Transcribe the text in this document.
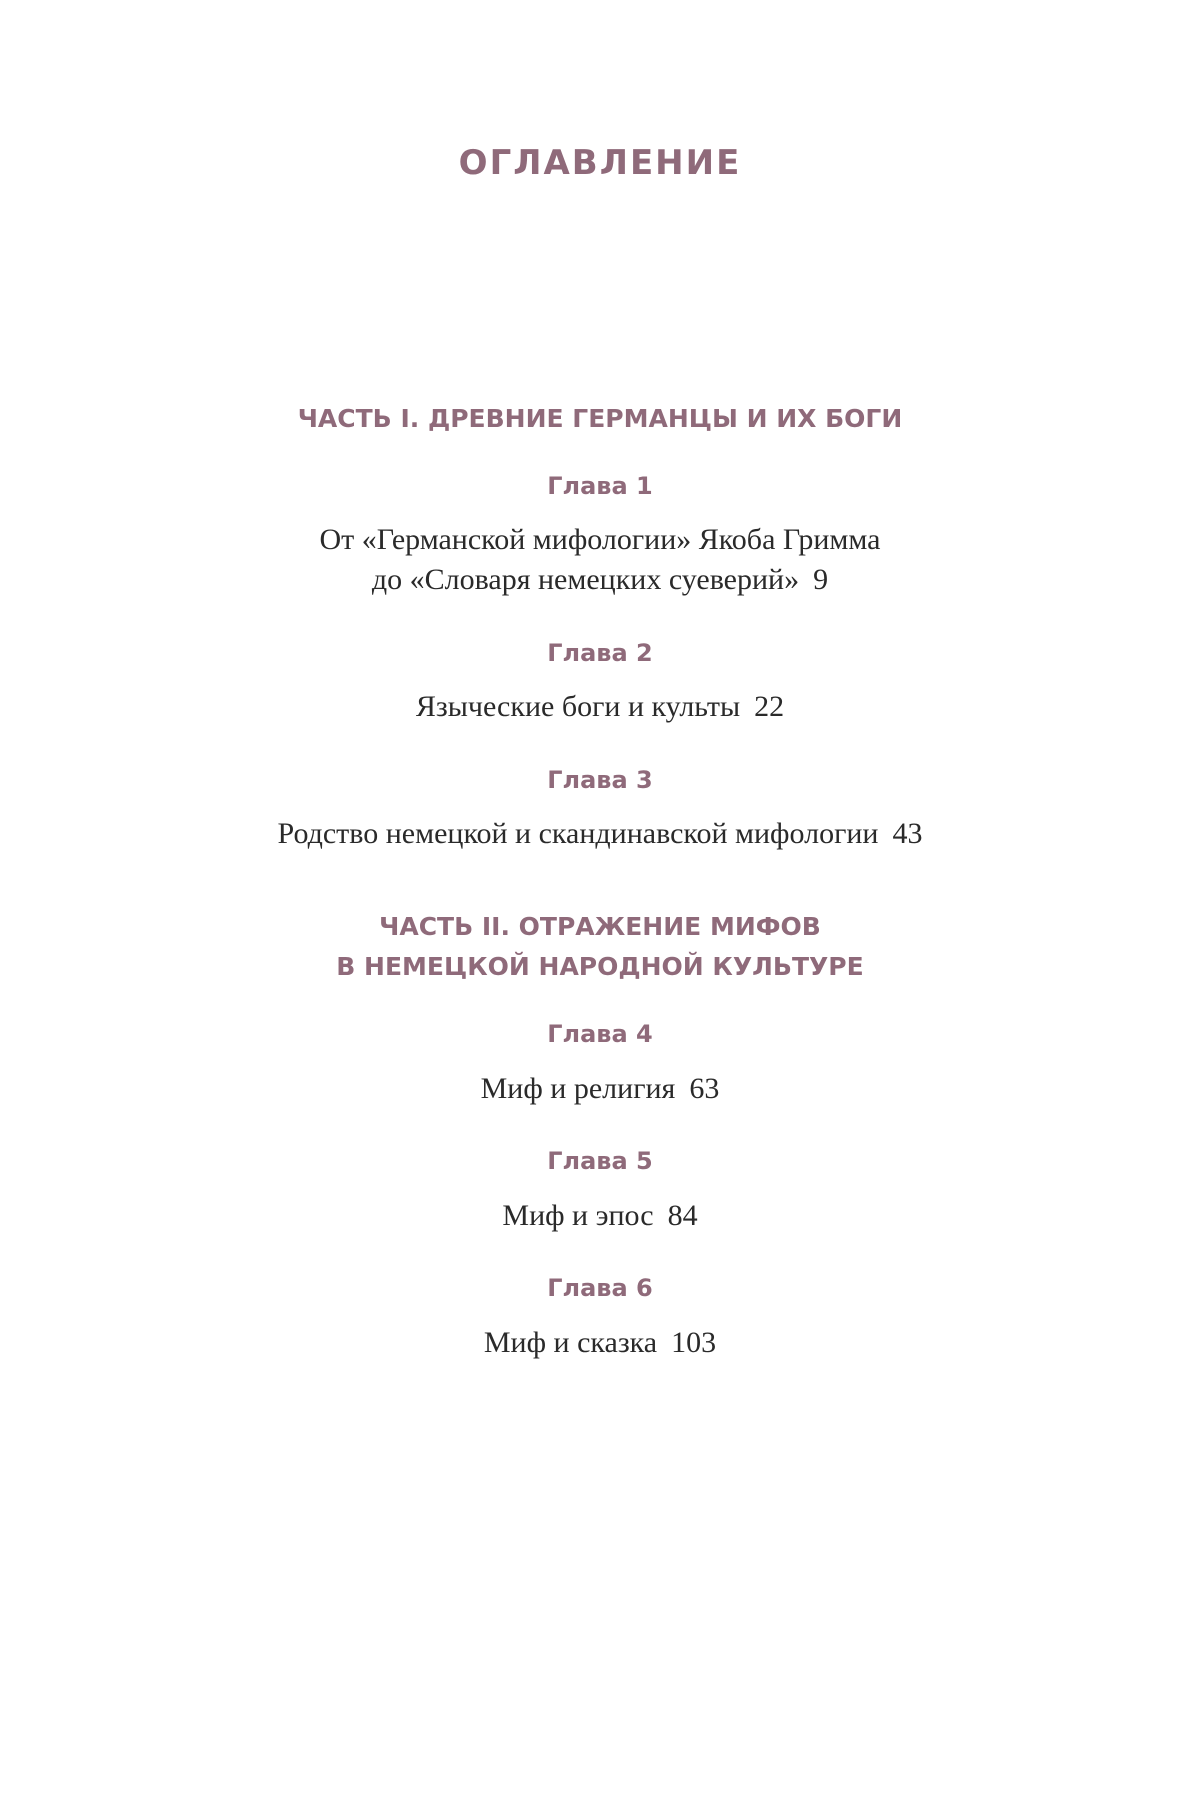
ОГЛАВЛЕНИЕ
ЧАСТЬ I. ДРЕВНИЕ ГЕРМАНЦЫ И ИХ БОГИ
Глава 1
От «Германской мифологии» Якоба Гримма
до «Словаря немецких суеверий» 9
Глава 2
Языческие боги и культы 22
Глава 3
Родство немецкой и скандинавской мифологии 43
ЧАСТЬ II. ОТРАЖЕНИЕ МИФОВ
В НЕМЕЦКОЙ НАРОДНОЙ КУЛЬТУРЕ
Глава 4
Миф и религия 63
Глава 5
Миф и эпос 84
Глава 6
Миф и сказка 103
